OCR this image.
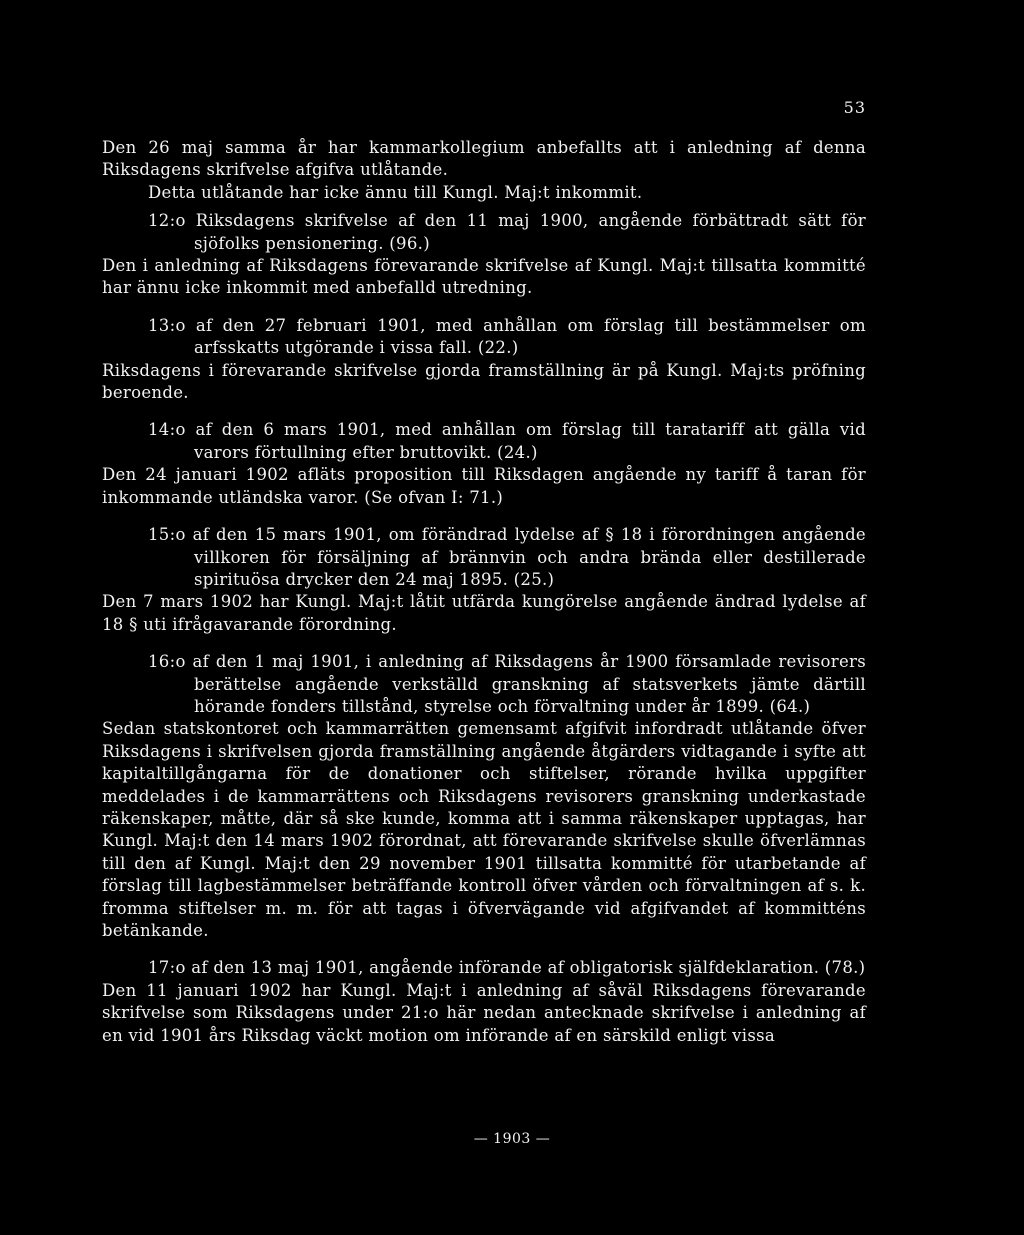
53

Den 26 maj samma år har kammarkollegium anbefallts att i anledning af denna Riksdagens skrifvelse afgifva utlåtande.

Detta utlåtande har icke ännu till Kungl. Maj:t inkommit.

12:o Riksdagens skrifvelse af den 11 maj 1900, angående förbättradt sätt för sjöfolks pensionering. (96.)

Den i anledning af Riksdagens förevarande skrifvelse af Kungl. Maj:t tillsatta kommitté har ännu icke inkommit med anbefalld utredning.

13:o af den 27 februari 1901, med anhållan om förslag till bestämmelser om arfsskatts utgörande i vissa fall. (22.)

Riksdagens i förevarande skrifvelse gjorda framställning är på Kungl. Maj:ts pröfning beroende.

14:o af den 6 mars 1901, med anhållan om förslag till taratariff att gälla vid varors förtullning efter bruttovikt. (24.)

Den 24 januari 1902 afläts proposition till Riksdagen angående ny tariff å taran för inkommande utländska varor. (Se ofvan I: 71.)

15:o af den 15 mars 1901, om förändrad lydelse af § 18 i förordningen angående villkoren för försäljning af brännvin och andra brända eller destillerade spirituösa drycker den 24 maj 1895. (25.)

Den 7 mars 1902 har Kungl. Maj:t låtit utfärda kungörelse angående ändrad lydelse af 18 § uti ifrågavarande förordning.

16:o af den 1 maj 1901, i anledning af Riksdagens år 1900 församlade revisorers berättelse angående verkställd granskning af statsverkets jämte därtill hörande fonders tillstånd, styrelse och förvaltning under år 1899. (64.)

Sedan statskontoret och kammarrätten gemensamt afgifvit infordradt utlåtande öfver Riksdagens i skrifvelsen gjorda framställning angående åtgärders vidtagande i syfte att kapitaltillgångarna för de donationer och stiftelser, rörande hvilka uppgifter meddelades i de kammarrättens och Riksdagens revisorers granskning underkastade räkenskaper, måtte, där så ske kunde, komma att i samma räkenskaper upptagas, har Kungl. Maj:t den 14 mars 1902 förordnat, att förevarande skrifvelse skulle öfverlämnas till den af Kungl. Maj:t den 29 november 1901 tillsatta kommitté för utarbetande af förslag till lagbestämmelser beträffande kontroll öfver vården och förvaltningen af s. k. fromma stiftelser m. m. för att tagas i öfvervägande vid afgifvandet af kommitténs betänkande.

17:o af den 13 maj 1901, angående införande af obligatorisk själfdeklaration. (78.)

Den 11 januari 1902 har Kungl. Maj:t i anledning af såväl Riksdagens förevarande skrifvelse som Riksdagens under 21:o här nedan antecknade skrifvelse i anledning af en vid 1901 års Riksdag väckt motion om införande af en särskild enligt vissa

— 1903 —
